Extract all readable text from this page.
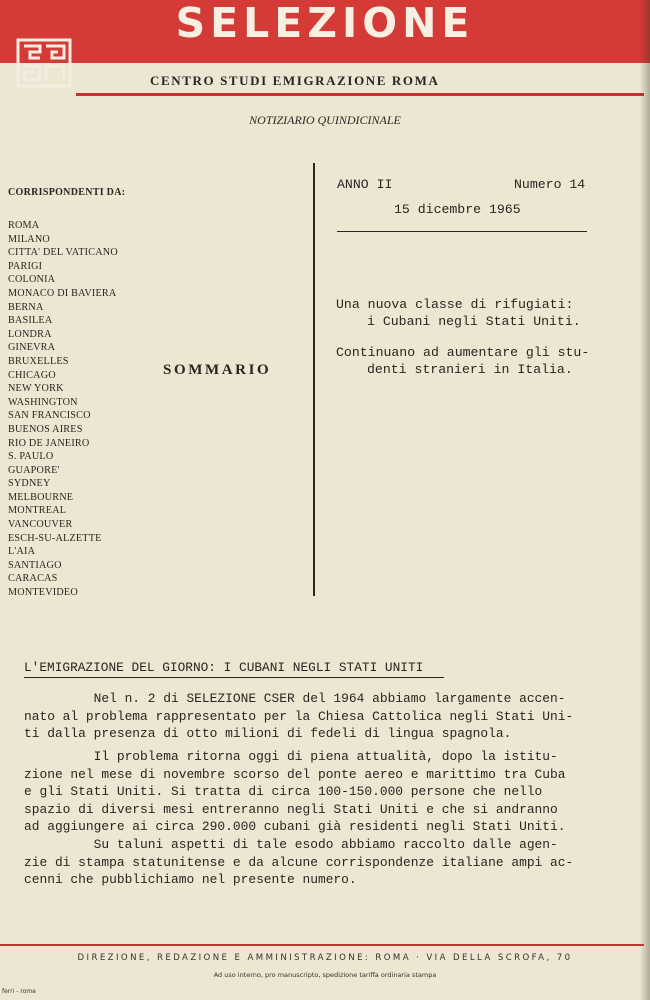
SELEZIONE
CENTRO STUDI EMIGRAZIONE ROMA
NOTIZIARIO QUINDICINALE
CORRISPONDENTI DA:
ROMA
MILANO
CITTA' DEL VATICANO
PARIGI
COLONIA
MONACO DI BAVIERA
BERNA
BASILEA
LONDRA
GINEVRA
BRUXELLES
CHICAGO
NEW YORK
WASHINGTON
SAN FRANCISCO
BUENOS AIRES
RIO DE JANEIRO
S. PAULO
GUAPORE'
SYDNEY
MELBOURNE
MONTREAL
VANCOUVER
ESCH-SU-ALZETTE
L'AIA
SANTIAGO
CARACAS
MONTEVIDEO
SOMMARIO
ANNO II	Numero 14
15 dicembre 1965

Una nuova classe di rifugiati:
i Cubani negli Stati Uniti.

Continuano ad aumentare gli stu-
denti stranieri in Italia.

L'EMIGRAZIONE DEL GIORNO: I CUBANI NEGLI STATI UNITI

Nel n. 2 di SELEZIONE CSER del 1964 abbiamo largamente accen-
nato al problema rappresentato per la Chiesa Cattolica negli Stati Uni-
ti dalla presenza di otto milioni di fedeli di lingua spagnola.

Il problema ritorna oggi di piena attualità, dopo la istitu-
zione nel mese di novembre scorso del ponte aereo e marittimo tra Cuba
e gli Stati Uniti. Si tratta di circa 100-150.000 persone che nello
spazio di diversi mesi entreranno negli Stati Uniti e che si andranno
ad aggiungere ai circa 290.000 cubani già residenti negli Stati Uniti.

Su taluni aspetti di tale esodo abbiamo raccolto dalle agen-
zie di stampa statunitense e da alcune corrispondenze italiane ampi ac-
cenni che pubblichiamo nel presente numero.

DIREZIONE, REDAZIONE E AMMINISTRAZIONE: ROMA · VIA DELLA SCROFA, 70
Ad uso interno, pro manuscripto, spedizione tariffa ordinaria stampa
ferri - roma
